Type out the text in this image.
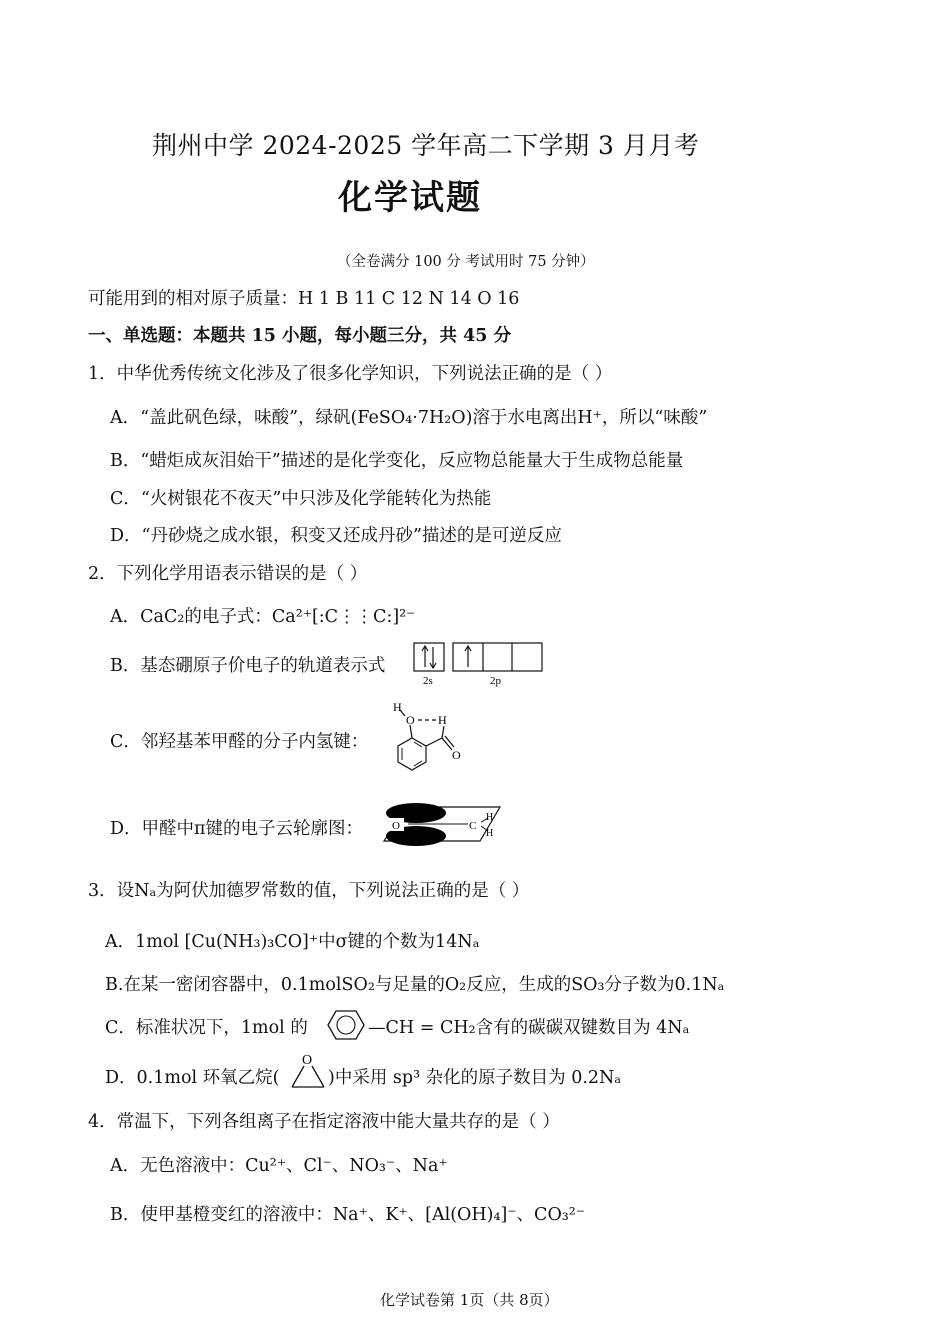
荆州中学 2024-2025 学年高二下学期 3 月月考
化学试题
（全卷满分 100 分 考试用时 75 分钟）
可能用到的相对原子质量：H 1 B 11 C 12 N 14 O 16
一、单选题：本题共 15 小题，每小题三分，共 45 分
1．中华优秀传统文化涉及了很多化学知识，下列说法正确的是（ ）
A．“盖此矾色绿，味酸”，绿矾(FeSO₄·7H₂O)溶于水电离出H⁺，所以“味酸”
B．“蜡炬成灰泪始干”描述的是化学变化，反应物总能量大于生成物总能量
C．“火树银花不夜天”中只涉及化学能转化为热能
D．“丹砂烧之成水银，积变又还成丹砂”描述的是可逆反应
2．下列化学用语表示错误的是（ ）
A．CaC₂的电子式：Ca²⁺[:C⋮⋮C:]²⁻
B．基态硼原子价电子的轨道表示式
2s	2p
C．邻羟基苯甲醛的分子内氢键：
H
O H
O
D．甲醛中π键的电子云轮廓图：	O	C
H
H
3．设Nₐ为阿伏加德罗常数的值，下列说法正确的是（ ）
A．1mol [Cu(NH₃)₃CO]⁺中σ键的个数为14Nₐ
B.在某一密闭容器中，0.1molSO₂与足量的O₂反应，生成的SO₃分子数为0.1Nₐ
C．标准状况下，1mol 的	—CH = CH₂含有的碳碳双键数目为 4Nₐ
D．0.1mol 环氧乙烷(
O
)中采用 sp³ 杂化的原子数目为 0.2Nₐ
4．常温下，下列各组离子在指定溶液中能大量共存的是（ ）
A．无色溶液中：Cu²⁺、Cl⁻、NO₃⁻、Na⁺
B．使甲基橙变红的溶液中：Na⁺、K⁺、[Al(OH)₄]⁻、CO₃²⁻
化学试卷第 1页（共 8页）
